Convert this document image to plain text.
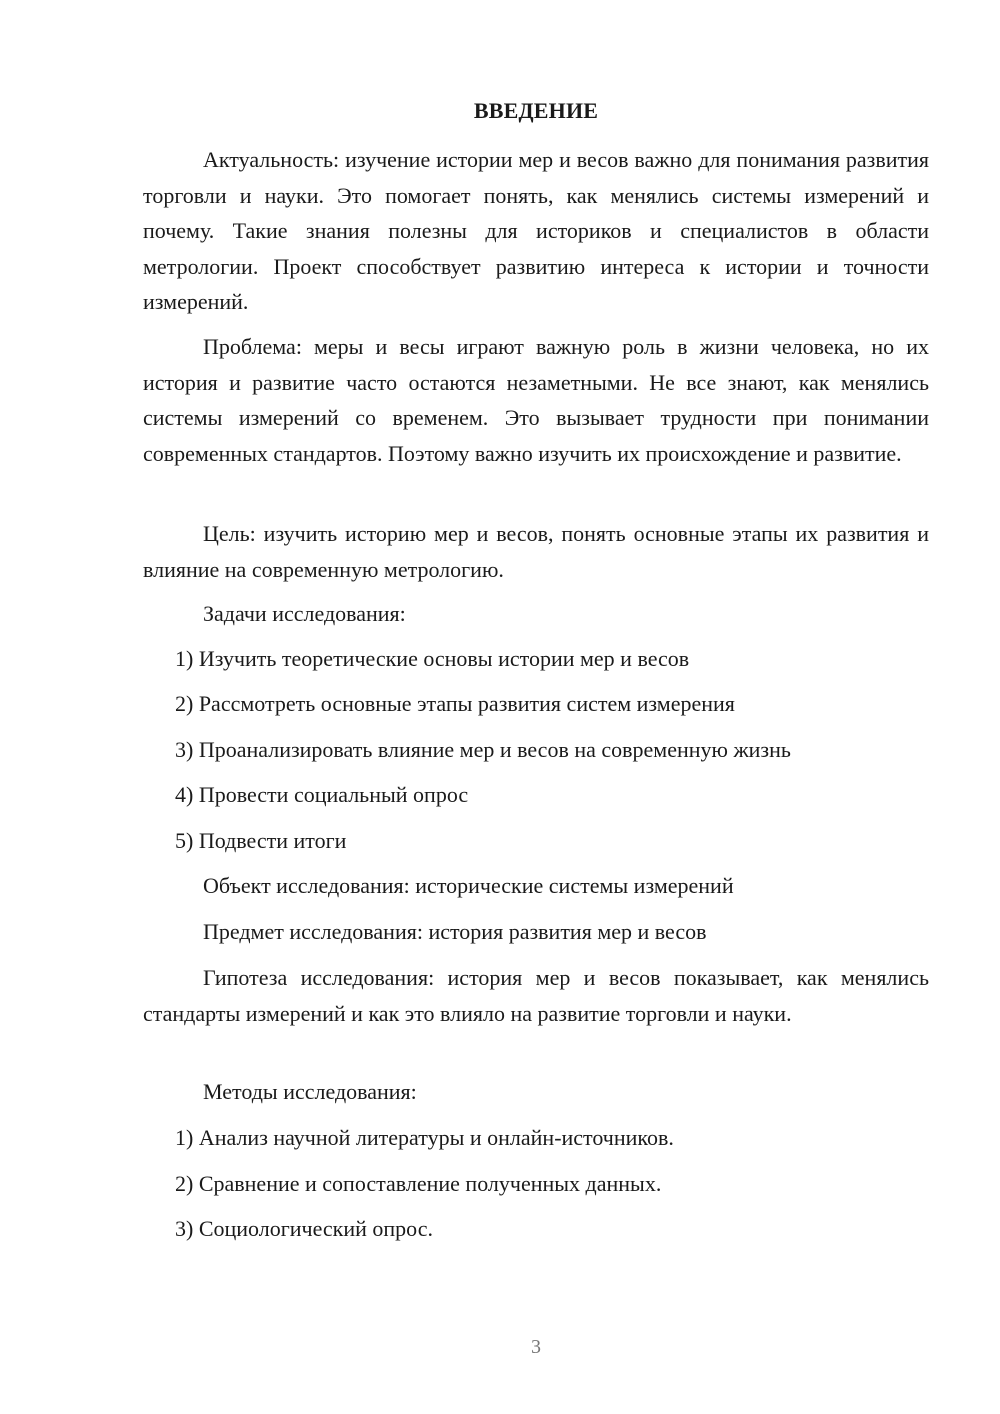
ВВЕДЕНИЕ

Актуальность: изучение истории мер и весов важно для понимания развития торговли и науки. Это помогает понять, как менялись системы измерений и почему. Такие знания полезны для историков и специалистов в области метрологии. Проект способствует развитию интереса к истории и точности измерений.

Проблема: меры и весы играют важную роль в жизни человека, но их история и развитие часто остаются незаметными. Не все знают, как менялись системы измерений со временем. Это вызывает трудности при понимании современных стандартов. Поэтому важно изучить их происхождение и развитие.

Цель: изучить историю мер и весов, понять основные этапы их развития и влияние на современную метрологию.

Задачи исследования:

1) Изучить теоретические основы истории мер и весов

2) Рассмотреть основные этапы развития систем измерения

3) Проанализировать влияние мер и весов на современную жизнь

4) Провести социальный опрос

5) Подвести итоги

Объект исследования: исторические системы измерений

Предмет исследования: история развития мер и весов

Гипотеза исследования: история мер и весов показывает, как менялись стандарты измерений и как это влияло на развитие торговли и науки.

Методы исследования:

1) Анализ научной литературы и онлайн-источников.

2) Сравнение и сопоставление полученных данных.

3) Социологический опрос.

3
